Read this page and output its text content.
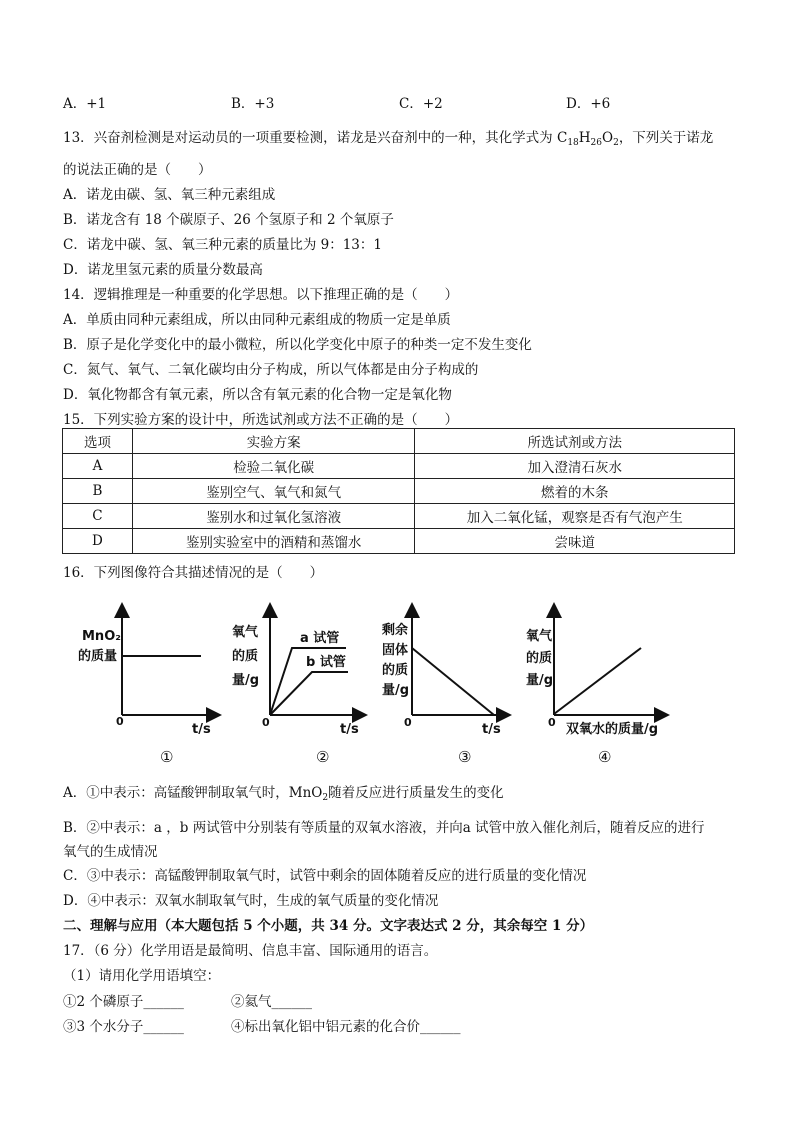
A．+1	B．+3	C．+2	D．+6
13．兴奋剂检测是对运动员的一项重要检测，诺龙是兴奋剂中的一种，其化学式为 $C_{18}H_{26}O_2$，下列关于诺龙
的说法正确的是（　　）
A．诺龙由碳、氢、氧三种元素组成
B．诺龙含有 18 个碳原子、26 个氢原子和 2 个氧原子
C．诺龙中碳、氢、氧三种元素的质量比为 9：13：1
D．诺龙里氢元素的质量分数最高
14．逻辑推理是一种重要的化学思想。以下推理正确的是（　　）
A．单质由同种元素组成，所以由同种元素组成的物质一定是单质
B．原子是化学变化中的最小微粒，所以化学变化中原子的种类一定不发生变化
C．氮气、氧气、二氧化碳均由分子构成，所以气体都是由分子构成的
D．氧化物都含有氧元素，所以含有氧元素的化合物一定是氧化物
15．下列实验方案的设计中，所选试剂或方法不正确的是（　　）
选项	实验方案	所选试剂或方法
A	检验二氧化碳	加入澄清石灰水
B	鉴别空气、氧气和氮气	燃着的木条
C	鉴别水和过氧化氢溶液	加入二氧化锰，观察是否有气泡产生
D	鉴别实验室中的酒精和蒸馏水	尝味道
16．下列图像符合其描述情况的是（　　）
MnO₂
的质量
0
t/s
氧气
的质
量/g
a 试管
b 试管
0	t/s
剩余
固体
的质
量/g
0	t/s
氧气
的质
量/g
0 双氧水的质量/g
①	②	③	④
A．①中表示：高锰酸钾制取氧气时，MnO$_2$随着反应进行质量发生的变化
B．②中表示：a ，b 两试管中分别装有等质量的双氧水溶液，并向a 试管中放入催化剂后，随着反应的进行
氧气的生成情况
C．③中表示：高锰酸钾制取氧气时，试管中剩余的固体随着反应的进行质量的变化情况
D．④中表示：双氧水制取氧气时，生成的氧气质量的变化情况
二、理解与应用（本大题包括 5 个小题，共 34 分。文字表达式 2 分，其余每空 1 分）
17．（6 分）化学用语是最简明、信息丰富、国际通用的语言。
（1）请用化学用语填空：
①2 个磷原子______	②氦气______
③3 个水分子______	④标出氧化铝中铝元素的化合价______
